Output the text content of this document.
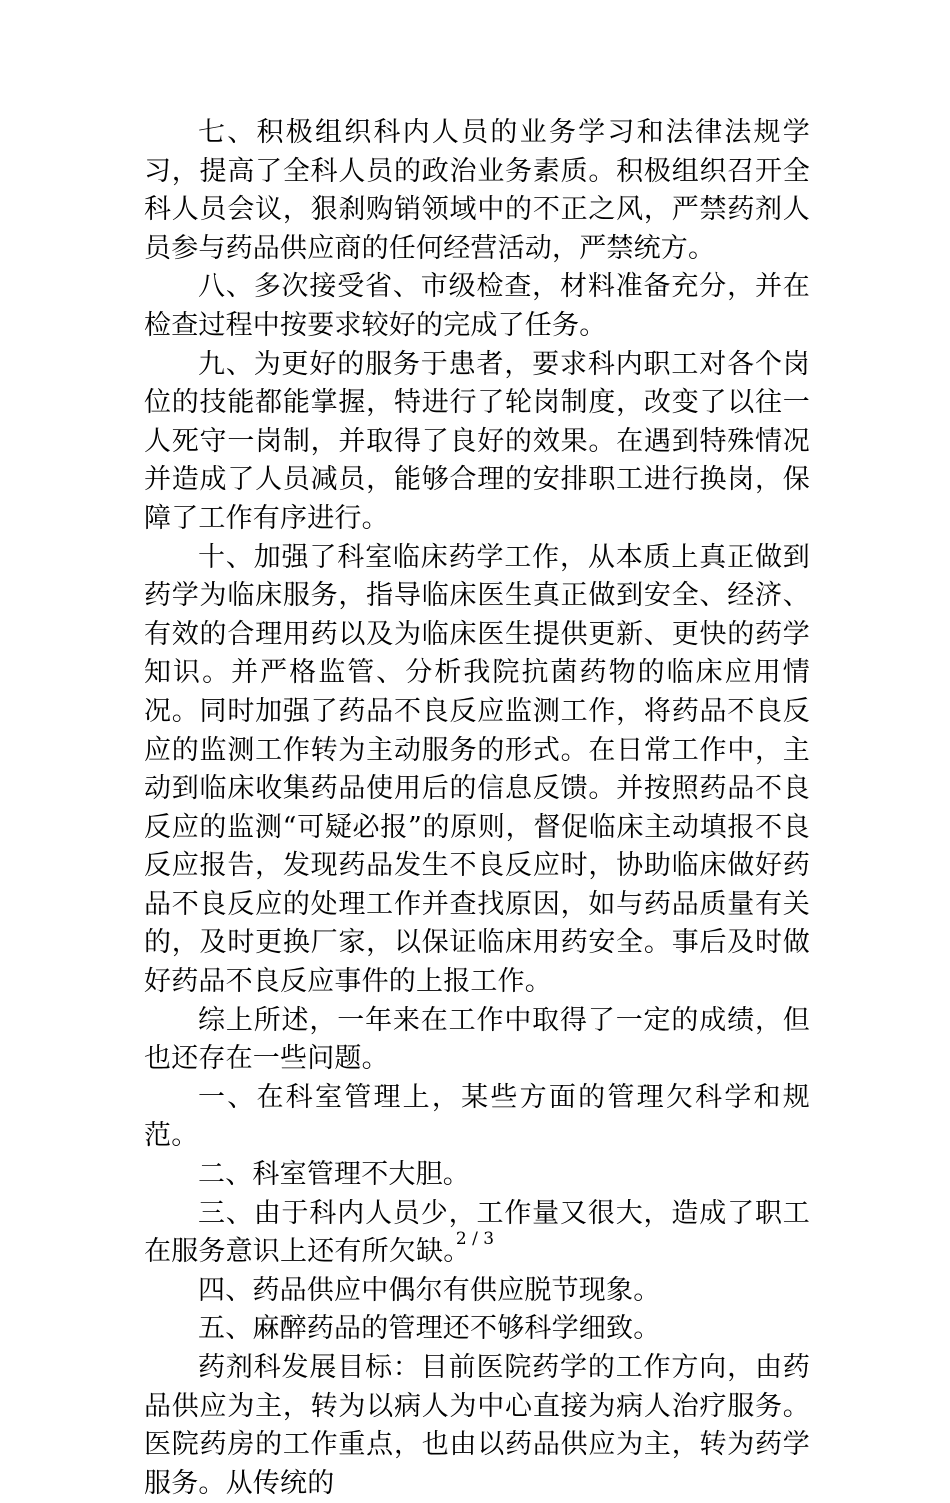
七、积极组织科内人员的业务学习和法律法规学习，提高了全科人员的政治业务素质。积极组织召开全科人员会议，狠刹购销领域中的不正之风，严禁药剂人员参与药品供应商的任何经营活动，严禁统方。

八、多次接受省、市级检查，材料准备充分，并在检查过程中按要求较好的完成了任务。

九、为更好的服务于患者，要求科内职工对各个岗位的技能都能掌握，特进行了轮岗制度，改变了以往一人死守一岗制，并取得了良好的效果。在遇到特殊情况并造成了人员减员，能够合理的安排职工进行换岗，保障了工作有序进行。

十、加强了科室临床药学工作，从本质上真正做到药学为临床服务，指导临床医生真正做到安全、经济、有效的合理用药以及为临床医生提供更新、更快的药学知识。并严格监管、分析我院抗菌药物的临床应用情况。同时加强了药品不良反应监测工作，将药品不良反应的监测工作转为主动服务的形式。在日常工作中，主动到临床收集药品使用后的信息反馈。并按照药品不良反应的监测“可疑必报”的原则，督促临床主动填报不良反应报告，发现药品发生不良反应时，协助临床做好药品不良反应的处理工作并查找原因，如与药品质量有关的，及时更换厂家，以保证临床用药安全。事后及时做好药品不良反应事件的上报工作。

综上所述，一年来在工作中取得了一定的成绩，但也还存在一些问题。

一、在科室管理上，某些方面的管理欠科学和规范。

二、科室管理不大胆。

三、由于科内人员少，工作量又很大，造成了职工在服务意识上还有所欠缺。

四、药品供应中偶尔有供应脱节现象。

五、麻醉药品的管理还不够科学细致。

药剂科发展目标：目前医院药学的工作方向，由药品供应为主，转为以病人为中心直接为病人治疗服务。医院药房的工作重点，也由以药品供应为主，转为药学服务。从传统的

2 / 3
